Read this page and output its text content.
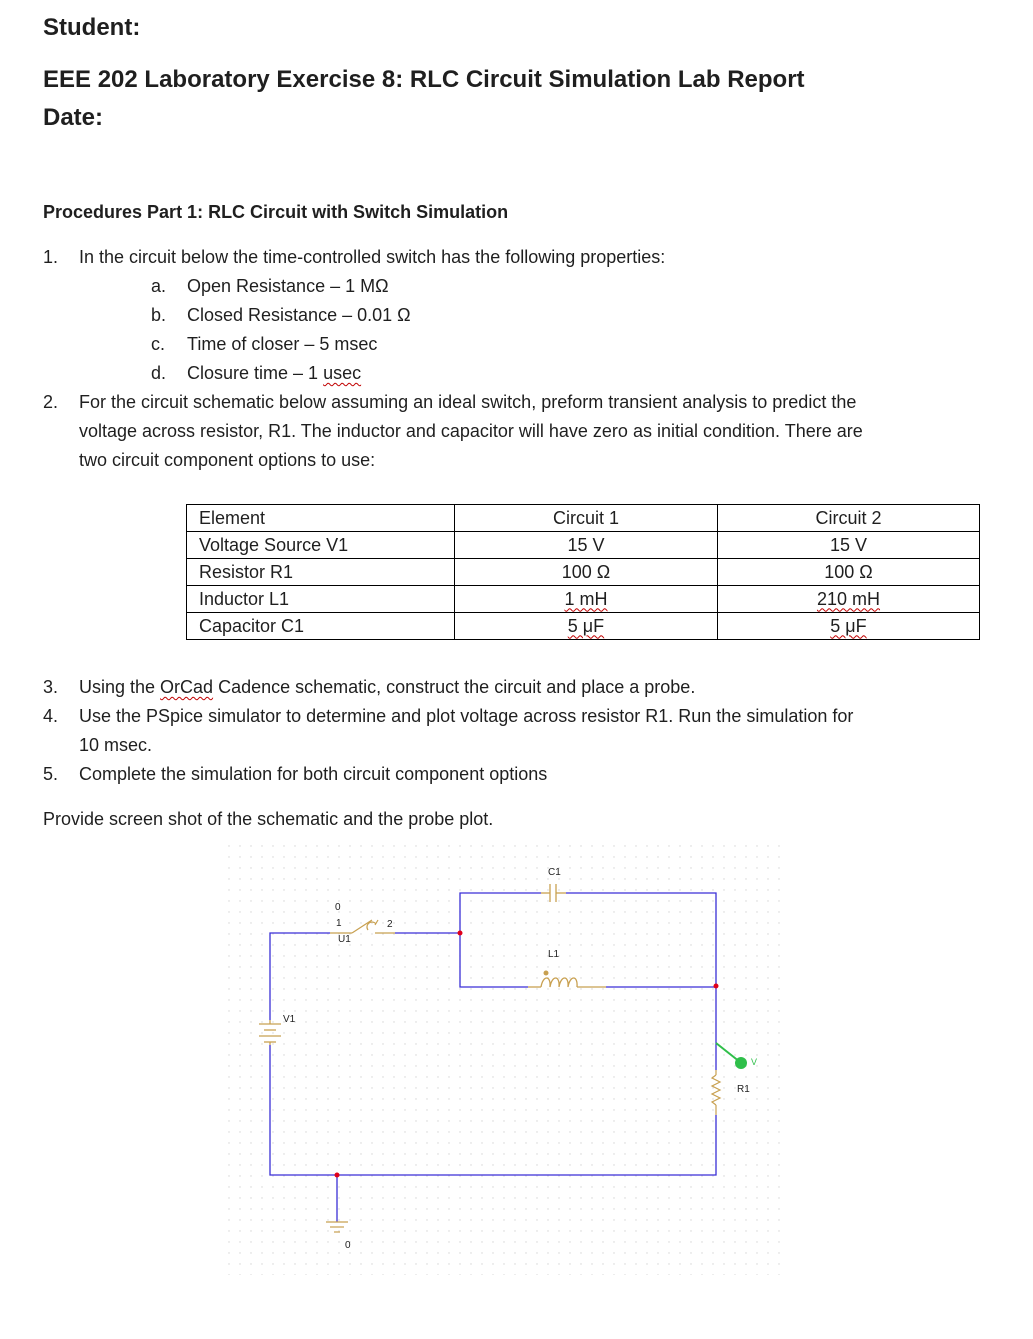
Student:
EEE 202 Laboratory Exercise 8: RLC Circuit Simulation Lab Report
Date:
Procedures Part 1: RLC Circuit with Switch Simulation
1. In the circuit below the time-controlled switch has the following properties:
a. Open Resistance – 1 MΩ
b. Closed Resistance – 0.01 Ω
c. Time of closer – 5 msec
d. Closure time – 1 usec
2. For the circuit schematic below assuming an ideal switch, preform transient analysis to predict the
voltage across resistor, R1. The inductor and capacitor will have zero as initial condition. There are
two circuit component options to use:
Element	Circuit 1	Circuit 2
Voltage Source V1	15 V	15 V
Resistor R1	100 Ω	100 Ω
Inductor L1	1 mH	210 mH
Capacitor C1	5 μF	5 μF
3. Using the OrCad Cadence schematic, construct the circuit and place a probe.
4. Use the PSpice simulator to determine and plot voltage across resistor R1. Run the simulation for
10 msec.
5. Complete the simulation for both circuit component options
Provide screen shot of the schematic and the probe plot.
C1
L1
V1
R1
U1
0
1	2
0
V
